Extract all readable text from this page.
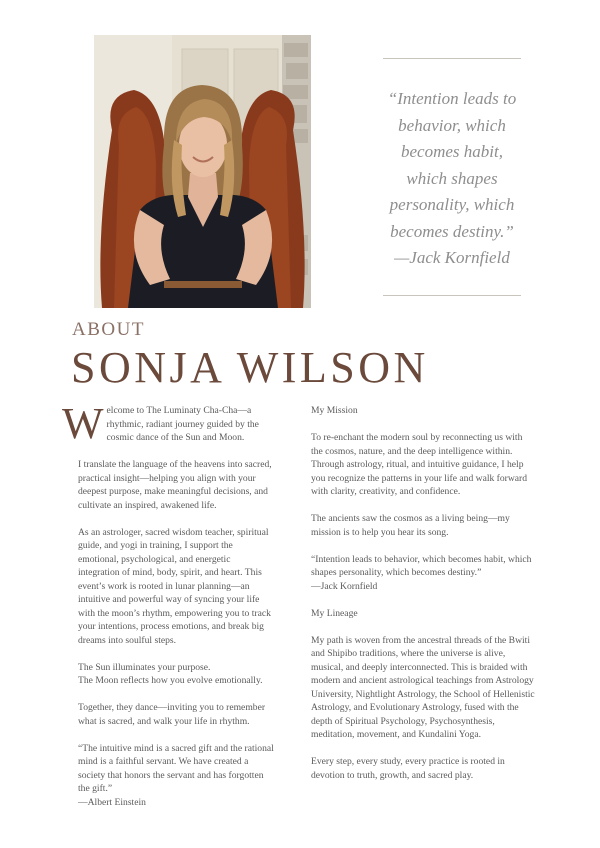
“Intention leads to
behavior, which
becomes habit,
which shapes
personality, which
becomes destiny.”
—Jack Kornfield
ABOUT
SONJA WILSON

Welcome to The Luminaty Cha-Cha—a rhythmic, radiant journey guided by the cosmic dance of the Sun and Moon.

I translate the language of the heavens into sacred, practical insight—helping you align with your deepest purpose, make meaningful decisions, and cultivate an inspired, awakened life.

As an astrologer, sacred wisdom teacher, spiritual guide, and yogi in training, I support the emotional, psychological, and energetic integration of mind, body, spirit, and heart. This event’s work is rooted in lunar planning—an intuitive and powerful way of syncing your life with the moon’s rhythm, empowering you to track your intentions, process emotions, and break big dreams into soulful steps.

The Sun illuminates your purpose.
The Moon reflects how you evolve emotionally.

Together, they dance—inviting you to remember what is sacred, and walk your life in rhythm.

“The intuitive mind is a sacred gift and the rational mind is a faithful servant. We have created a society that honors the servant and has forgotten the gift.”
—Albert Einstein

My Mission

To re-enchant the modern soul by reconnecting us with the cosmos, nature, and the deep intelligence within. Through astrology, ritual, and intuitive guidance, I help you recognize the patterns in your life and walk forward with clarity, creativity, and confidence.

The ancients saw the cosmos as a living being—my mission is to help you hear its song.

“Intention leads to behavior, which becomes habit, which shapes personality, which becomes destiny.”
—Jack Kornfield

My Lineage

My path is woven from the ancestral threads of the Bwiti and Shipibo traditions, where the universe is alive, musical, and deeply interconnected. This is braided with modern and ancient astrological teachings from Astrology University, Nightlight Astrology, the School of Hellenistic Astrology, and Evolutionary Astrology, fused with the depth of Spiritual Psychology, Psychosynthesis, meditation, movement, and Kundalini Yoga.

Every step, every study, every practice is rooted in devotion to truth, growth, and sacred play.
